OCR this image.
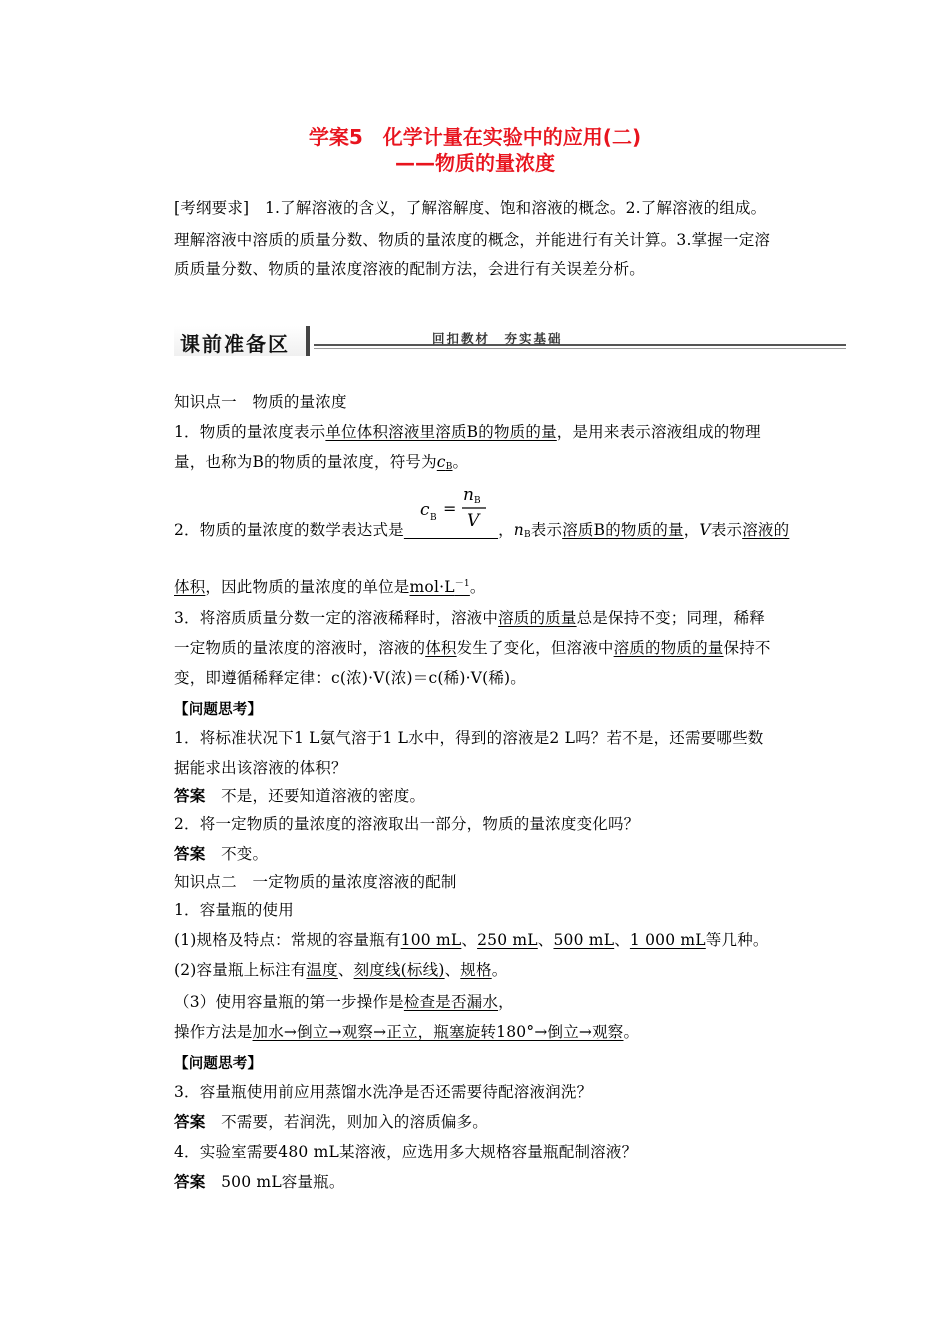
学案5　化学计量在实验中的应用(二)
——物质的量浓度
[考纲要求]　1.了解溶液的含义，了解溶解度、饱和溶液的概念。2.了解溶液的组成。
理解溶液中溶质的质量分数、物质的量浓度的概念，并能进行有关计算。3.掌握一定溶
质质量分数、物质的量浓度溶液的配制方法，会进行有关误差分析。
课前准备区	回扣教材　夯实基础
知识点一　物质的量浓度
1．物质的量浓度表示单位体积溶液里溶质B的物质的量，是用来表示溶液组成的物理
量，也称为B的物质的量浓度，符号为$c_B$。
c B =
n B
V
2．物质的量浓度的数学表达式是　　　　　　	，$n_B$表示溶质B的物质的量，V表示溶液的
体积，因此物质的量浓度的单位是$mol\cdot L^{-1}$。
3．将溶质质量分数一定的溶液稀释时，溶液中溶质的质量总是保持不变；同理，稀释
一定物质的量浓度的溶液时，溶液的体积发生了变化，但溶液中溶质的物质的量保持不
变，即遵循稀释定律：c(浓)·V(浓)＝c(稀)·V(稀)。
【问题思考】
1．将标准状况下1 L氨气溶于1 L水中，得到的溶液是2 L吗？若不是，还需要哪些数
据能求出该溶液的体积？
答案　不是，还要知道溶液的密度。
2．将一定物质的量浓度的溶液取出一部分，物质的量浓度变化吗？
答案　不变。
知识点二　一定物质的量浓度溶液的配制
1．容量瓶的使用
(1)规格及特点：常规的容量瓶有100 mL、250 mL、500 mL、1 000 mL等几种。
(2)容量瓶上标注有温度、刻度线(标线)、规格。
（3）使用容量瓶的第一步操作是检查是否漏水，
操作方法是加水→倒立→观察→正立，瓶塞旋转180°→倒立→观察。
【问题思考】
3．容量瓶使用前应用蒸馏水洗净是否还需要待配溶液润洗？
答案　不需要，若润洗，则加入的溶质偏多。
4．实验室需要480 mL某溶液，应选用多大规格容量瓶配制溶液？
答案　500 mL容量瓶。
